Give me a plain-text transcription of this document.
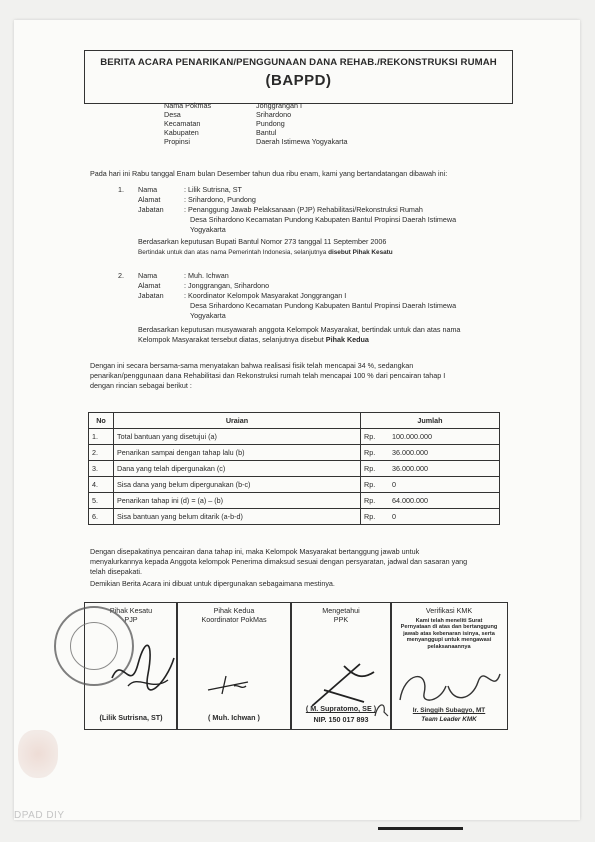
BERITA ACARA PENARIKAN/PENGGUNAAN DANA REHAB./REKONSTRUKSI RUMAH
(BAPPD)
Nama Pokmas	Jonggrangan I
Desa	Srihardono
Kecamatan	Pundong
Kabupaten	Bantul
Propinsi	Daerah Istimewa Yogyakarta
Pada hari ini Rabu tanggal Enam bulan Desember tahun dua ribu enam, kami yang bertandatangan dibawah ini:
1. Nama	: Lilik Sutrisna, ST
Alamat	: Srihardono, Pundong
Jabatan	: Penanggung Jawab Pelaksanaan (PJP) Rehabilitasi/Rekonstruksi Rumah
Desa Srihardono Kecamatan Pundong Kabupaten Bantul Propinsi Daerah Istimewa
Yogyakarta
Berdasarkan keputusan Bupati Bantul Nomor 273 tanggal 11 September 2006
Bertindak untuk dan atas nama Pemerintah Indonesia, selanjutnya disebut Pihak Kesatu
2. Nama	: Muh. Ichwan
Alamat	: Jonggrangan, Srihardono
Jabatan	: Koordinator Kelompok Masyarakat Jonggrangan I
Desa Srihardono Kecamatan Pundong Kabupaten Bantul Propinsi Daerah Istimewa
Yogyakarta
Berdasarkan keputusan musyawarah anggota Kelompok Masyarakat, bertindak untuk dan atas nama
Kelompok Masyarakat tersebut diatas, selanjutnya disebut Pihak Kedua
Dengan ini secara bersama-sama menyatakan bahwa realisasi fisik telah mencapai 34 %, sedangkan
penarikan/penggunaan dana Rehabilitasi dan Rekonstruksi rumah telah mencapai 100 % dari pencairan tahap I
dengan rincian sebagai berikut :
No	Uraian	Jumlah	
1.	Total bantuan yang disetujui (a)	Rp.	100.000.000
2.	Penarikan sampai dengan tahap lalu (b)	Rp.	36.000.000
3.	Dana yang telah dipergunakan (c)	Rp.	36.000.000
4.	Sisa dana yang belum dipergunakan (b-c)	Rp.	0
5.	Penarikan tahap ini (d) = (a) – (b)	Rp.	64.000.000
6.	Sisa bantuan yang belum ditarik (a-b-d)	Rp.	0
Dengan disepakatinya pencairan dana tahap ini, maka Kelompok Masyarakat bertanggung jawab untuk
menyalurkannya kepada Anggota kelompok Penerima dimaksud sesuai dengan persyaratan, jadwal dan sasaran yang
telah disepakati.
Demikian Berita Acara ini dibuat untuk dipergunakan sebagaimana mestinya.
Pihak Kesatu
PJP
(Lilik Sutrisna, ST)
Pihak Kedua
Koordinator PokMas
( Muh. Ichwan )
Mengetahui
PPK
( M. Supratomo, SE )
NIP. 150 017 893
Verifikasi KMK
Kami telah meneliti Surat
Pernyataan di atas dan bertanggung
jawab atas kebenaran isinya, serta
menyanggupi untuk mengawasi
pelaksanaannya
Ir. Singgih Subagyo, MT
Team Leader KMK
DPAD DIY
